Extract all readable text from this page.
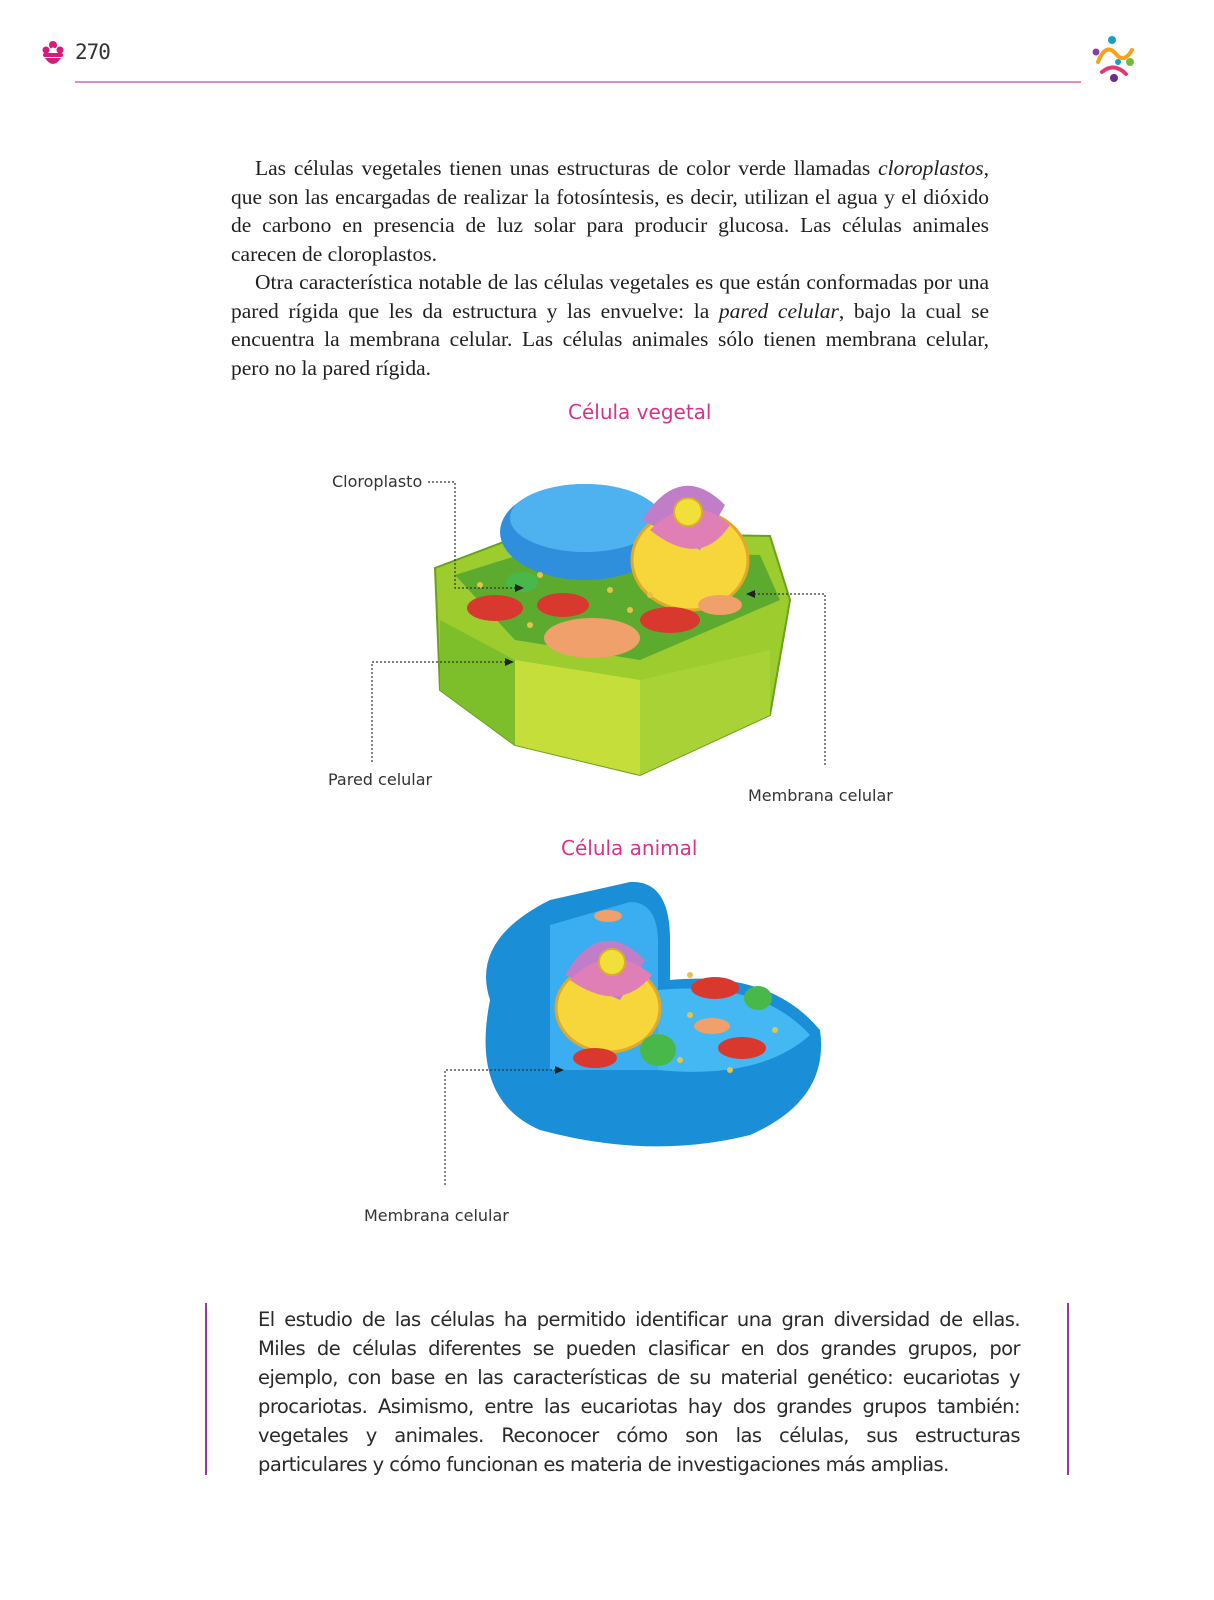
270

Las células vegetales tienen unas estructuras de color verde llamadas cloroplastos, que son las encargadas de realizar la fotosíntesis, es decir, utilizan el agua y el dióxido de carbono en presencia de luz solar para producir glucosa. Las células animales carecen de cloroplastos.

Otra característica notable de las células vegetales es que están conformadas por una pared rígida que les da estructura y las envuelve: la pared celular, bajo la cual se encuentra la membrana celular. Las células animales sólo tienen membrana celular, pero no la pared rígida.

Célula vegetal
Cloroplasto
Pared celular
Membrana celular
Célula animal
Membrana celular
El estudio de las células ha permitido identificar una gran diversidad de ellas. Miles de células diferentes se pueden clasificar en dos grandes grupos, por ejemplo, con base en las características de su material genético: eucariotas y procariotas. Asimismo, entre las eucariotas hay dos grandes grupos también: vegetales y animales. Reconocer cómo son las células, sus estructuras particulares y cómo funcionan es materia de investigaciones más amplias.
